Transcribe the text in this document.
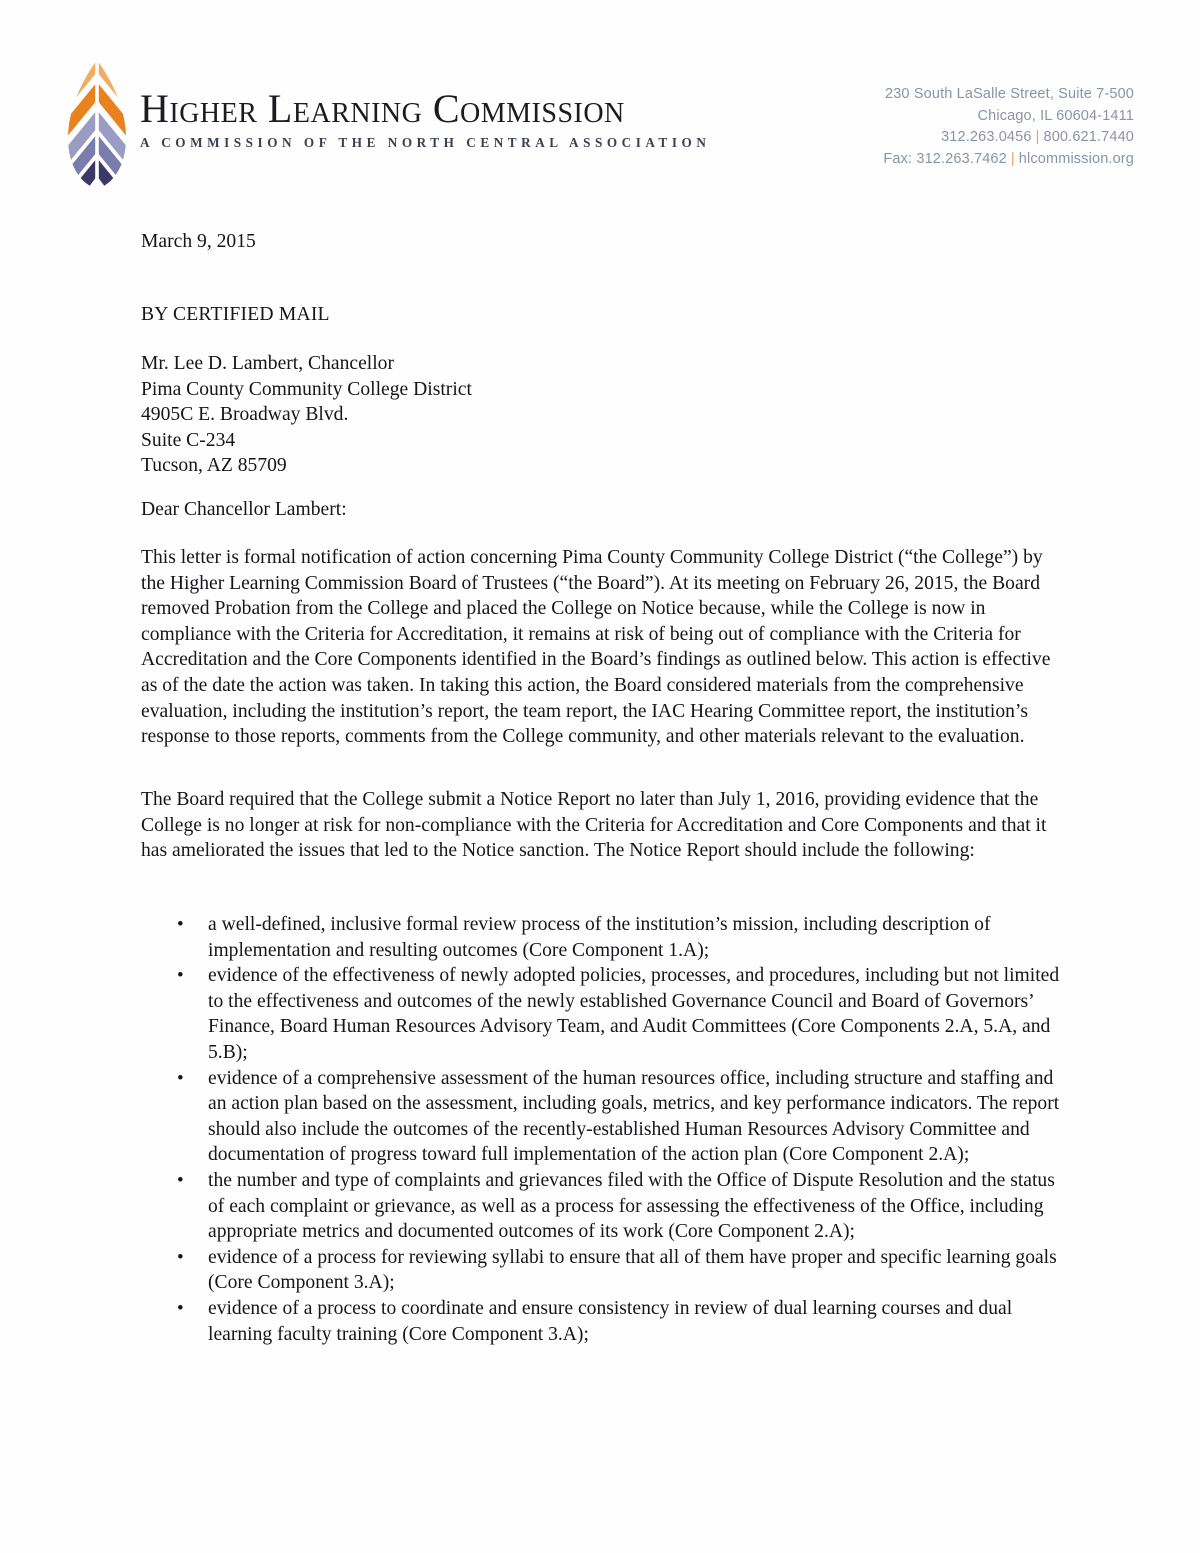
Higher Learning Commission
A COMMISSION OF THE NORTH CENTRAL ASSOCIATION
230 South LaSalle Street, Suite 7-500
Chicago, IL 60604-1411
312.263.0456 | 800.621.7440
Fax: 312.263.7462 | hlcommission.org
March 9, 2015
BY CERTIFIED MAIL
Mr. Lee D. Lambert, Chancellor
Pima County Community College District
4905C E. Broadway Blvd.
Suite C-234
Tucson, AZ 85709
Dear Chancellor Lambert:
This letter is formal notification of action concerning Pima County Community College District (“the College”) by the Higher Learning Commission Board of Trustees (“the Board”). At its meeting on February 26, 2015, the Board removed Probation from the College and placed the College on Notice because, while the College is now in compliance with the Criteria for Accreditation, it remains at risk of being out of compliance with the Criteria for Accreditation and the Core Components identified in the Board’s findings as outlined below. This action is effective as of the date the action was taken. In taking this action, the Board considered materials from the comprehensive evaluation, including the institution’s report, the team report, the IAC Hearing Committee report, the institution’s response to those reports, comments from the College community, and other materials relevant to the evaluation.
The Board required that the College submit a Notice Report no later than July 1, 2016, providing evidence that the College is no longer at risk for non-compliance with the Criteria for Accreditation and Core Components and that it has ameliorated the issues that led to the Notice sanction. The Notice Report should include the following:
• a well-defined, inclusive formal review process of the institution’s mission, including description of implementation and resulting outcomes (Core Component 1.A);
• evidence of the effectiveness of newly adopted policies, processes, and procedures, including but not limited to the effectiveness and outcomes of the newly established Governance Council and Board of Governors’ Finance, Board Human Resources Advisory Team, and Audit Committees (Core Components 2.A, 5.A, and 5.B);
• evidence of a comprehensive assessment of the human resources office, including structure and staffing and an action plan based on the assessment, including goals, metrics, and key performance indicators. The report should also include the outcomes of the recently-established Human Resources Advisory Committee and documentation of progress toward full implementation of the action plan (Core Component 2.A);
• the number and type of complaints and grievances filed with the Office of Dispute Resolution and the status of each complaint or grievance, as well as a process for assessing the effectiveness of the Office, including appropriate metrics and documented outcomes of its work (Core Component 2.A);
• evidence of a process for reviewing syllabi to ensure that all of them have proper and specific learning goals (Core Component 3.A);
• evidence of a process to coordinate and ensure consistency in review of dual learning courses and dual learning faculty training (Core Component 3.A);
